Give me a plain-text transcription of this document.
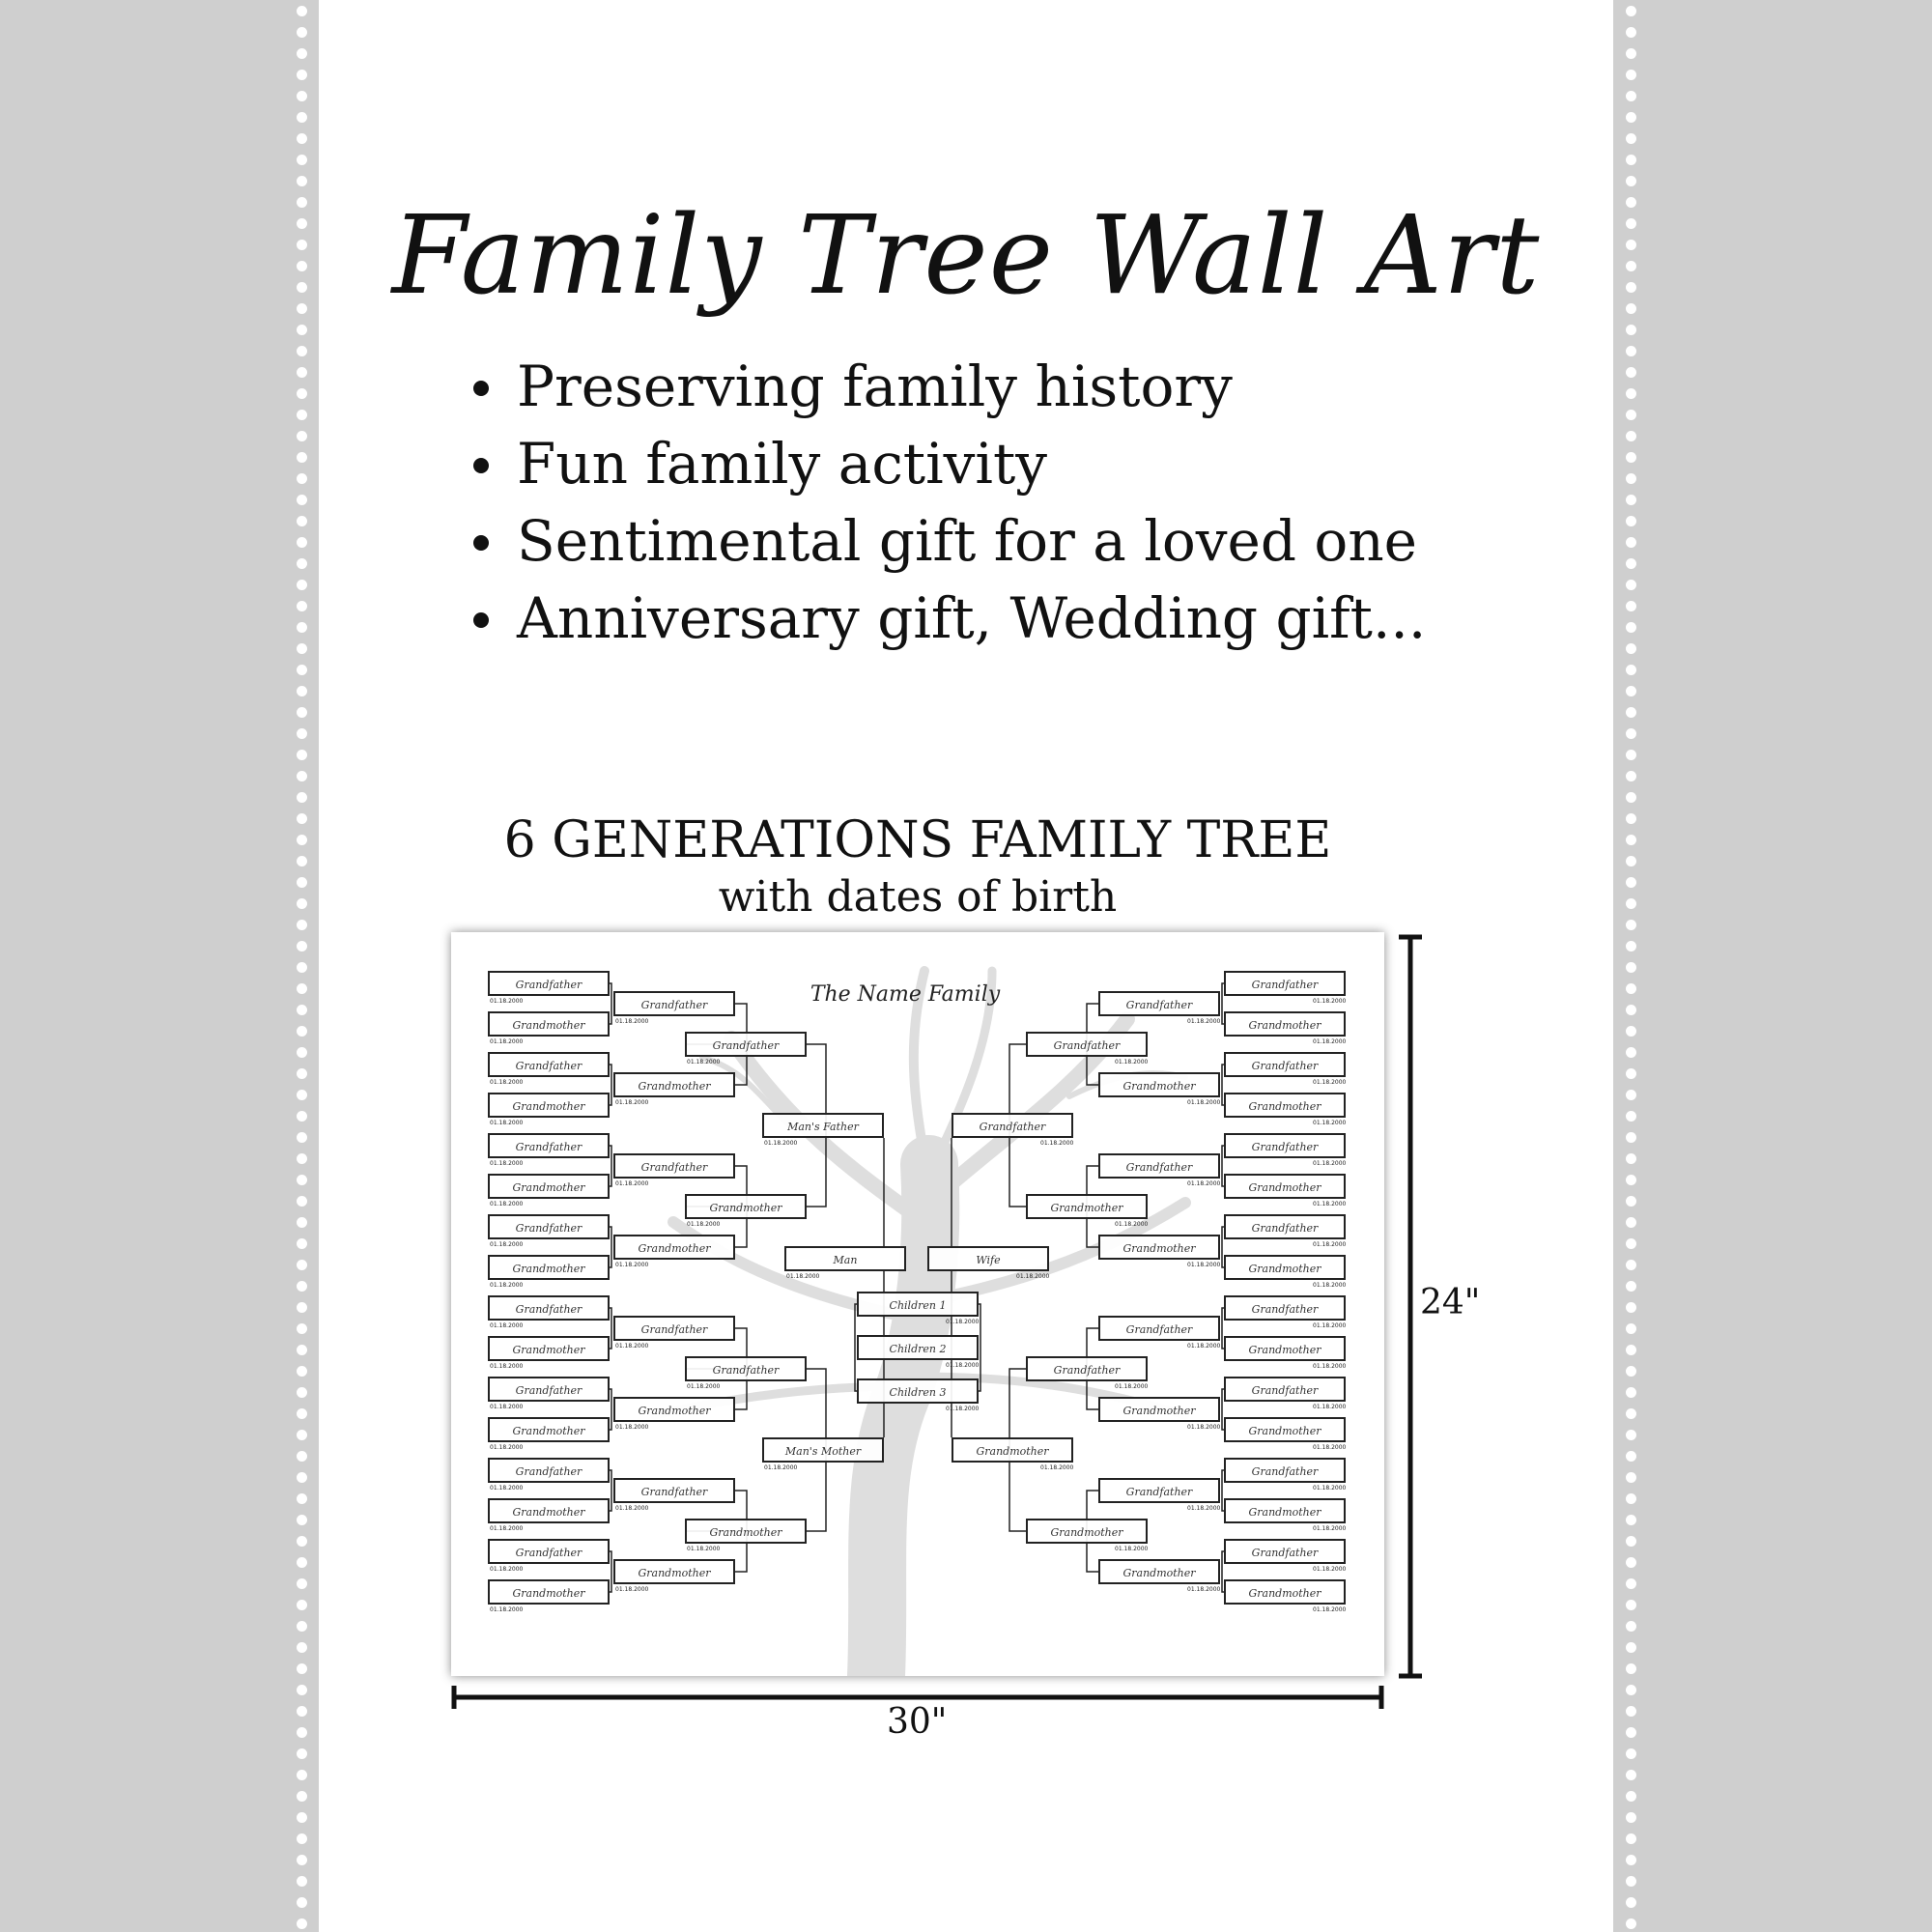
Family Tree Wall Art
Preserving family history
Fun family activity
Sentimental gift for a loved one
Anniversary gift, Wedding gift...
6 GENERATIONS FAMILY TREE
with dates of birth
The Name Family
Grandfather
01.18.2000
Grandmother
01.18.2000
Grandfather
01.18.2000
Grandmother
01.18.2000
Grandfather
01.18.2000
Grandmother
01.18.2000
Grandfather
01.18.2000
Grandmother
01.18.2000
Grandfather
01.18.2000
Grandmother
01.18.2000
Grandfather
01.18.2000
Grandmother
01.18.2000
Grandfather
01.18.2000
Grandmother
01.18.2000
Grandfather
01.18.2000
Grandmother
01.18.2000
Grandfather
01.18.2000
Grandmother
01.18.2000
Grandfather
01.18.2000
Grandmother
01.18.2000
Grandfather
01.18.2000
Grandmother
01.18.2000
Grandfather
01.18.2000
Grandmother
01.18.2000
Grandfather
01.18.2000
Grandmother
01.18.2000
Grandfather
01.18.2000
Grandmother
01.18.2000
Man's Father
01.18.2000
Man's Mother
01.18.2000
Grandfather
01.18.2000
Grandmother
01.18.2000
Grandfather
01.18.2000
Grandmother
01.18.2000
Grandfather
01.18.2000
Grandmother
01.18.2000
Grandfather
01.18.2000
Grandmother
01.18.2000
Grandfather
01.18.2000
Grandmother
01.18.2000
Grandfather
01.18.2000
Grandmother
01.18.2000
Grandfather
01.18.2000
Grandmother
01.18.2000
Grandfather
01.18.2000
Grandmother
01.18.2000
Grandfather
01.18.2000
Grandmother
01.18.2000
Grandfather
01.18.2000
Grandmother
01.18.2000
Grandfather
01.18.2000
Grandmother
01.18.2000
Grandfather
01.18.2000
Grandmother
01.18.2000
Grandfather
01.18.2000
Grandmother
01.18.2000
Grandfather
01.18.2000
Grandmother
01.18.2000
Grandfather
01.18.2000
Grandmother
01.18.2000
Man
01.18.2000
Wife
01.18.2000
Children 1
01.18.2000
Children 2
01.18.2000
Children 3
01.18.2000
24"
30"
